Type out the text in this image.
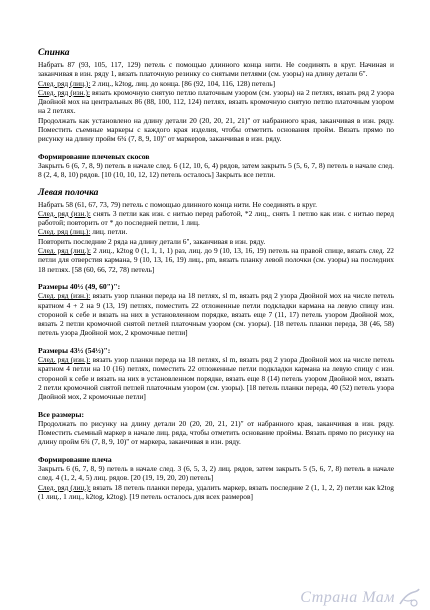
Спинка

Набрать 87 (93, 105, 117, 129) петель с помощью длинного конца нити. Не соединять в круг. Начиная и заканчивая в изн. ряду 1, вязать платочную резинку со снятыми петлями (см. узоры) на длину детали 6".

След. ряд (лиц.): 2 лиц., k2tog, лиц. до конца. [86 (92, 104, 116, 128) петель]

След. ряд (изн.): вязать кромочную снятую петлю платочным узором (см. узоры) на 2 петлях, вязать ряд 2 узора Двойной мох на центральных 86 (88, 100, 112, 124) петлях, вязать кромочную снятую петлю платочным узором на 2 петлях.

Продолжать как установлено на длину детали 20 (20, 20, 21, 21)" от набранного края, заканчивая в изн. ряду. Поместить съемные маркеры с каждого края изделия, чтобы отметить основания пройм. Вязать прямо по рисунку на длину пройм 6¾ (7, 8, 9, 10)" от маркеров, заканчивая в изн. ряду.

Формирование плечевых скосов

Закрыть 6 (6, 7, 8, 9) петель в начале след. 6 (12, 10, 6, 4) рядов, затем закрыть 5 (5, 6, 7, 8) петель в начале след. 8 (2, 4, 8, 10) рядов. [10 (10, 10, 12, 12) петель осталось] Закрыть все петли.

Левая полочка

Набрать 58 (61, 67, 73, 79) петель с помощью длинного конца нити. Не соединять в круг.

След. ряд (изн.): снять 3 петли как изн. с нитью перед работой, *2 лиц., снять 1 петлю как изн. с нитью перед работой; повторить от * до последней петли, 1 лиц.

След. ряд (лиц.): лиц. петли.

Повторить последние 2 ряда на длину детали 6", заканчивая в изн. ряду.

След. ряд (лиц.): 2 лиц., k2tog 0 (1, 1, 1, 1) раз, лиц. до 9 (10, 13, 16, 19) петель на правой спице, вязать след. 22 петли для отверстия кармана, 9 (10, 13, 16, 19) лиц., pm, вязать планку левой полочки (см. узоры) на последних 18 петлях. [58 (60, 66, 72, 78) петель]

Размеры 40½ (49, 60")":

След. ряд (изн.): вязать узор планки переда на 18 петлях, sl m, вязать ряд 2 узора Двойной мох на числе петель кратном 4 + 2 на 9 (13, 19) петлях, поместить 22 отложенные петли подкладки кармана на левую спицу изн. стороной к себе и вязать на них в установленном порядке, вязать еще 7 (11, 17) петель узором Двойной мох, вязать 2 петли кромочной снятой петлей платочным узором (см. узоры). [18 петель планки переда, 38 (46, 58) петель узора Двойной мох, 2 кромочные петли]

Размеры 43½ (54½)":

След. ряд (изн.): вязать узор планки переда на 18 петлях, sl m, вязать ряд 2 узора Двойной мох на числе петель кратном 4 петли на 10 (16) петлях, поместить 22 отложенные петли подкладки кармана на левую спицу с изн. стороной к себе и вязать на них в установленном порядке, вязать еще 8 (14) петель узором Двойной мох, вязать 2 петли кромочной снятой петлей платочным узором (см. узоры). [18 петель планки переда, 40 (52) петель узора Двойной мох, 2 кромочные петли]

Все размеры:

Продолжать по рисунку на длину детали 20 (20, 20, 21, 21)" от набранного края, заканчивая в изн. ряду. Поместить съемный маркер в начале лиц. ряда, чтобы отметить основание проймы. Вязать прямо по рисунку на длину пройм 6¾ (7, 8, 9, 10)" от маркера, заканчивая в изн. ряду.

Формирование плеча

Закрыть 6 (6, 7, 8, 9) петель в начале след. 3 (6, 5, 3, 2) лиц. рядов, затем закрыть 5 (5, 6, 7, 8) петель в начале след. 4 (1, 2, 4, 5) лиц. рядов. [20 (19, 19, 20, 20) петель]

След. ряд (лиц.): вязать 18 петель планки переда, удалить маркер, вязать последние 2 (1, 1, 2, 2) петли как k2tog (1 лиц., 1 лиц., k2tog, k2tog). [19 петель осталось для всех размеров]

Страна Мам
